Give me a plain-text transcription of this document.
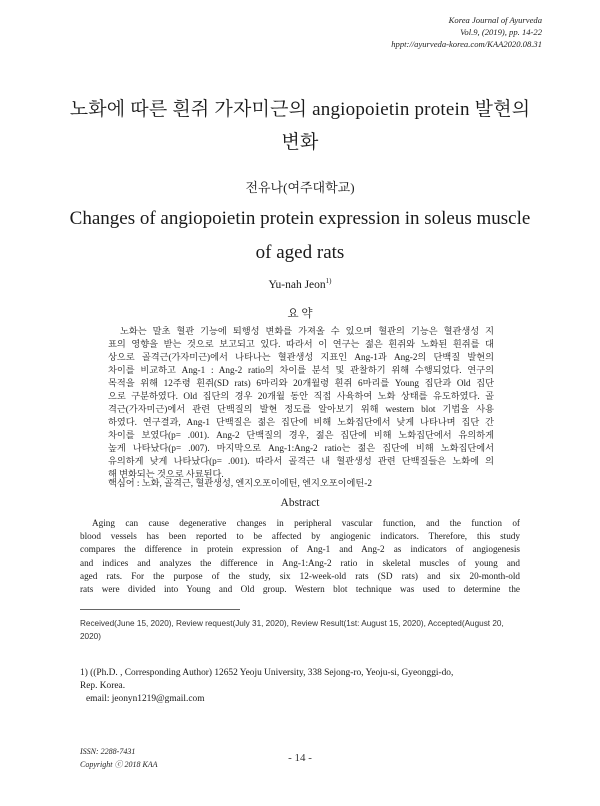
Korea Journal of Ayurveda
Vol.9, (2019), pp. 14-22
hppt://ayurveda-korea.com/KAA2020.08.31
노화에 따른 흰쥐 가자미근의 angiopoietin protein 발현의
변화
전유나(여주대학교)
Changes of angiopoietin protein expression in soleus muscle
of aged rats
Yu-nah Jeon$^{1)}$
요 약
노화는 말초 혈관 기능에 퇴행성 변화를 가져올 수 있으며 혈관의 기능은 혈관생성 지
표의 영향을 받는 것으로 보고되고 있다. 따라서 이 연구는 젊은 흰쥐와 노화된 흰쥐를 대
상으로 골격근(가자미근)에서 나타나는 혈관생성 지표인 Ang-1과 Ang-2의 단백질 발현의
차이를 비교하고 Ang-1 : Ang-2 ratio의 차이를 분석 및 관찰하기 위해 수행되었다. 연구의
목적을 위해 12주령 흰쥐(SD rats) 6마리와 20개월령 흰쥐 6마리를 Young 집단과 Old 집단
으로 구분하였다. Old 집단의 경우 20개월 동안 직접 사육하여 노화 상태를 유도하였다. 골
격근(가자미근)에서 관련 단백질의 발현 정도를 알아보기 위해 western blot 기법을 사용
하였다. 연구결과, Ang-1 단백질은 젊은 집단에 비해 노화집단에서 낮게 나타나며 집단 간
차이를 보였다(p= .001). Ang-2 단백질의 경우, 젊은 집단에 비해 노화집단에서 유의하게
높게 나타났다(p= .007). 마지막으로 Ang-1:Ang-2 ratio는 젊은 집단에 비해 노화집단에서
유의하게 낮게 나타났다(p= .001). 따라서 골격근 내 혈관생성 관련 단백질들은 노화에 의
해 변화되는 것으로 사료된다.
핵심어 : 노화, 골격근, 혈관생성, 엔지오포이에틴, 엔지오포이에틴-2
Abstract
Aging can cause degenerative changes in peripheral vascular function, and the function of
blood vessels has been reported to be affected by angiogenic indicators. Therefore, this study
compares the difference in protein expression of Ang-1 and Ang-2 as indicators of angiogenesis
and indices and analyzes the difference in Ang-1:Ang-2 ratio in skeletal muscles of young and
aged rats. For the purpose of the study, six 12-week-old rats (SD rats) and six 20-month-old
rats were divided into Young and Old group. Western blot technique was used to determine the
Received(June 15, 2020), Review request(July 31, 2020), Review Result(1st: August 15, 2020), Accepted(August 20, 2020)
1) ((Ph.D. , Corresponding Author) 12652 Yeoju University, 338 Sejong-ro, Yeoju-si, Gyeonggi-do,
Rep. Korea.
email: jeonyn1219@gmail.com
ISSN: 2288-7431
Copyright ⓒ 2018 KAA
- 14 -
